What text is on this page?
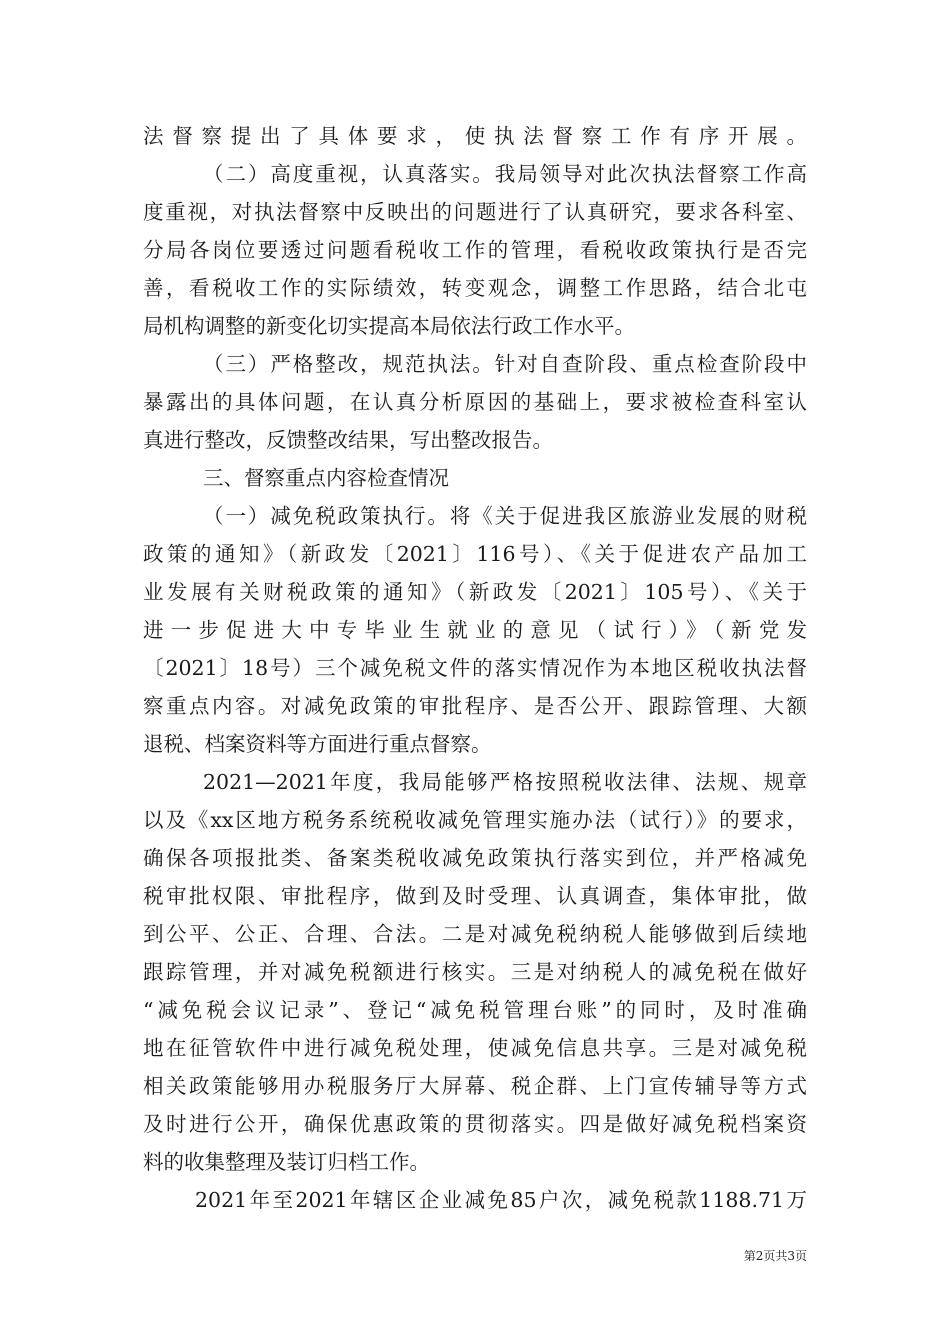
法督察提出了具体要求，使执法督察工作有序开展。
（二）高度重视，认真落实。我局领导对此次执法督察工作高
度重视，对执法督察中反映出的问题进行了认真研究，要求各科室、
分局各岗位要透过问题看税收工作的管理，看税收政策执行是否完
善，看税收工作的实际绩效，转变观念，调整工作思路，结合北屯
局机构调整的新变化切实提高本局依法行政工作水平。
（三）严格整改，规范执法。针对自查阶段、重点检查阶段中
暴露出的具体问题，在认真分析原因的基础上，要求被检查科室认
真进行整改，反馈整改结果，写出整改报告。
三、督察重点内容检查情况
（一）减免税政策执行。将《关于促进我区旅游业发展的财税
政策的通知》（新政发〔2021〕116号）、《关于促进农产品加工
业发展有关财税政策的通知》（新政发〔2021〕105号）、《关于
进一步促进大中专毕业生就业的意见（试行）》（新党发
〔2021〕18号）三个减免税文件的落实情况作为本地区税收执法督
察重点内容。对减免政策的审批程序、是否公开、跟踪管理、大额
退税、档案资料等方面进行重点督察。
2021—2021年度，我局能够严格按照税收法律、法规、规章
以及《xx区地方税务系统税收减免管理实施办法（试行）》的要求，
确保各项报批类、备案类税收减免政策执行落实到位，并严格减免
税审批权限、审批程序，做到及时受理、认真调查，集体审批，做
到公平、公正、合理、合法。二是对减免税纳税人能够做到后续地
跟踪管理，并对减免税额进行核实。三是对纳税人的减免税在做好
“减免税会议记录”、登记“减免税管理台账”的同时，及时准确
地在征管软件中进行减免税处理，使减免信息共享。三是对减免税
相关政策能够用办税服务厅大屏幕、税企群、上门宣传辅导等方式
及时进行公开，确保优惠政策的贯彻落实。四是做好减免税档案资
料的收集整理及装订归档工作。
2021年至2021年辖区企业减免85户次，减免税款1188.71万
第2页共3页
